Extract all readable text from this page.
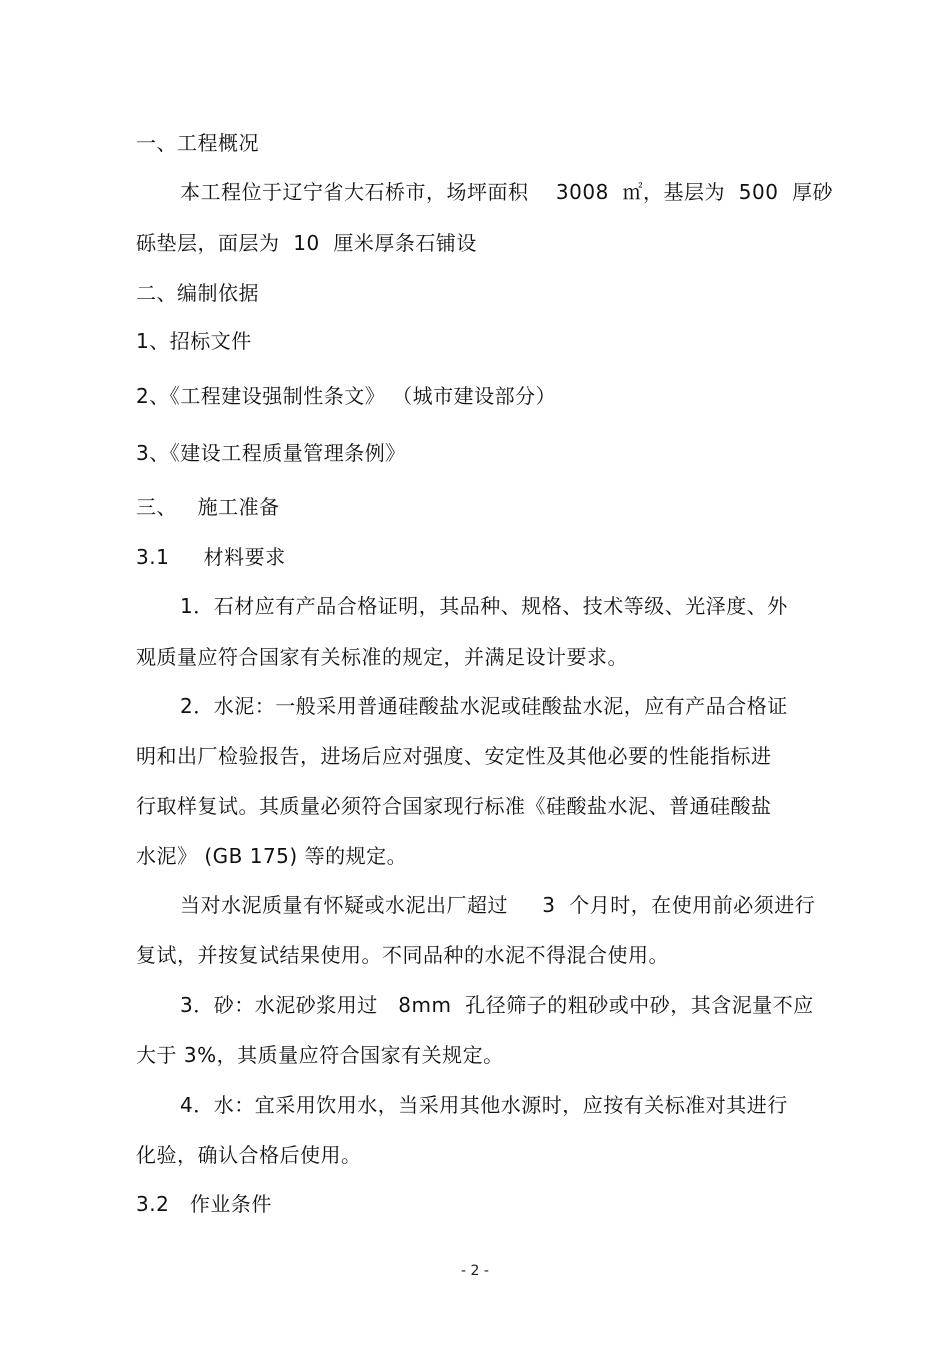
一、工程概况
本工程位于辽宁省大石桥市，场坪面积    3008  ㎡，基层为  500  厚砂
砾垫层，面层为  10  厘米厚条石铺设
二、编制依据
1、招标文件
2、《工程建设强制性条文》 （城市建设部分）
3、《建设工程质量管理条例》
三、   施工准备
3.1     材料要求
1．石材应有产品合格证明，其品种、规格、技术等级、光泽度、外
观质量应符合国家有关标准的规定，并满足设计要求。
2．水泥：一般采用普通硅酸盐水泥或硅酸盐水泥，应有产品合格证
明和出厂检验报告，进场后应对强度、安定性及其他必要的性能指标进
行取样复试。其质量必须符合国家现行标准《硅酸盐水泥、普通硅酸盐
水泥》 (GB 175) 等的规定。
当对水泥质量有怀疑或水泥出厂超过     3  个月时，在使用前必须进行
复试，并按复试结果使用。不同品种的水泥不得混合使用。
3．砂：水泥砂浆用过   8mm  孔径筛子的粗砂或中砂，其含泥量不应
大于 3%，其质量应符合国家有关规定。
4．水：宜采用饮用水，当采用其他水源时，应按有关标准对其进行
化验，确认合格后使用。
3.2   作业条件
- 2 -
